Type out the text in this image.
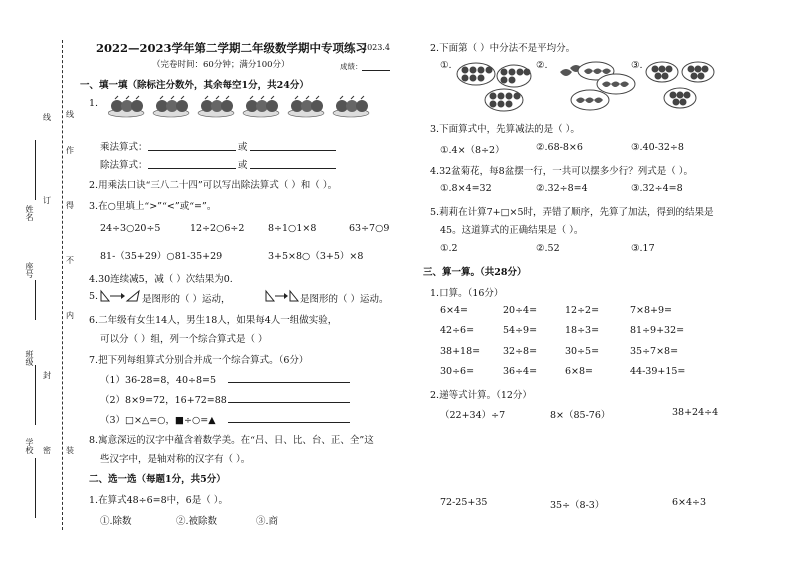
线
作
得
不
内
装
线
订
封
密
姓名
座号
班级
学校
2022—2023学年第二学期二年级数学期中专项练习
2023.4
（完卷时间：60分钟；满分100分）	成绩：
一、填一填（除标注分数外，其余每空1分，共24分）
1.
乘法算式：	或
除法算式：	或
2.用乘法口诀“三八二十四”可以写出除法算式（ ）和（ ）。
3.在○里填上“>”“<”或“=”。
24÷3○20÷5	12÷2○6÷2 8÷1○1×8	63÷7○9
81-（35+29）○81-35+29	3+5×8○（3+5）×8
4.30连续减5，减（ ）次结果为0.
5.	是图形的（ ）运动，	是图形的（ ）运动。
6.二年级有女生14人，男生18人，如果每4人一组做实验，
可以分（ ）组，列一个综合算式是（ ）
7.把下列每组算式分别合并成一个综合算式。（6分）
（1）36-28=8，40÷8=5
（2）8×9=72，16+72=88
（3）□×△=○，■÷○=▲
8.寓意深远的汉字中蕴含着数学美。在“吕、日、比、台、正、全”这
些汉字中，是轴对称的汉字有（ ）。
二、选一选（每题1分，共5分）
1.在算式48÷6=8中，6是（ ）。
①.除数	②.被除数	③.商
2.下面第（ ）中分法不是平均分。
①.	②.	③.
3.下面算式中，先算减法的是（ ）。
①.4×（8÷2）	②.68-8×6	③.40-32÷8
4.32盆菊花，每8盆摆一行，一共可以摆多少行？列式是（ ）。
①.8×4=32	②.32÷8=4	③.32÷4=8
5.莉莉在计算7+□×5时，弄错了顺序，先算了加法，得到的结果是
45。这道算式的正确结果是（ ）。
①.2	②.52	③.17
三、算一算。（共28分）
1.口算。（16分）
6×4=	20÷4=	12÷2=	7×8+9=
42÷6=	54÷9=	18÷3=	81÷9+32=
38+18= 32÷8=	30÷5=	35÷7×8=
30÷6=	36÷4=	6×8=	44-39+15=
2.递等式计算。（12分）
（22+34）÷7	8×（85-76）	38+24÷4
72-25+35	35÷（8-3）	6×4÷3
